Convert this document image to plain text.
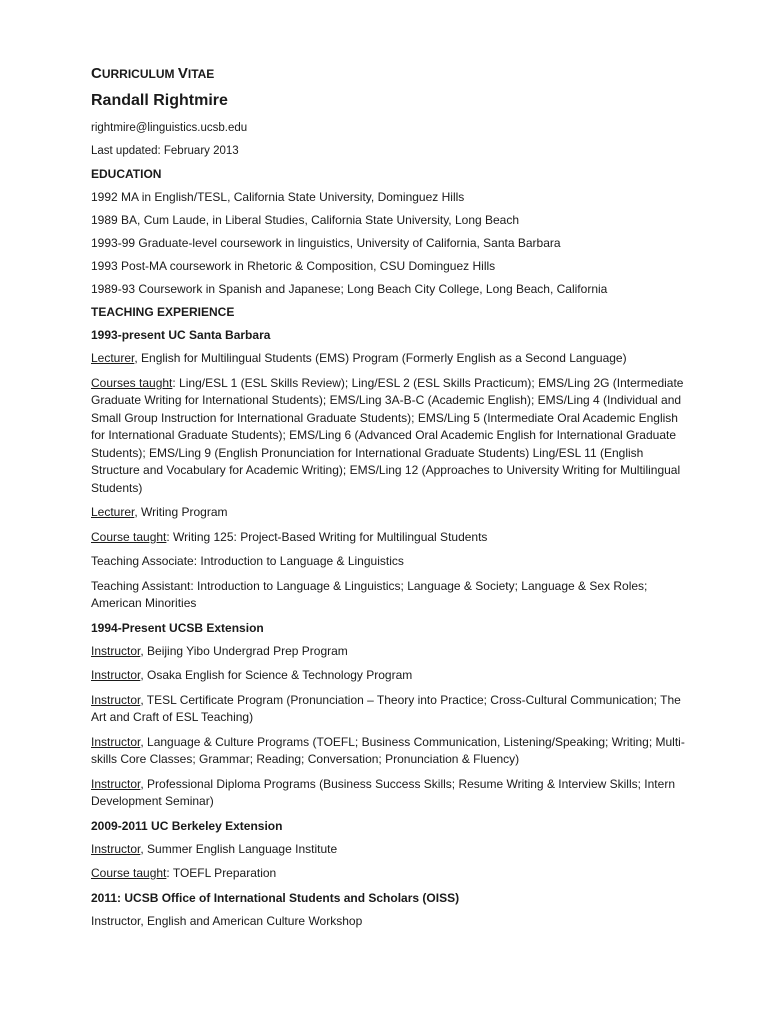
CURRICULUM VITAE
Randall Rightmire
rightmire@linguistics.ucsb.edu
Last updated: February 2013
EDUCATION
1992 MA in English/TESL, California State University, Dominguez Hills
1989 BA, Cum Laude, in Liberal Studies, California State University, Long Beach
1993-99 Graduate-level coursework in linguistics, University of California, Santa Barbara
1993 Post-MA coursework in Rhetoric & Composition, CSU Dominguez Hills
1989-93 Coursework in Spanish and Japanese; Long Beach City College, Long Beach, California
TEACHING EXPERIENCE
1993-present UC Santa Barbara
Lecturer, English for Multilingual Students (EMS) Program (Formerly English as a Second Language)
Courses taught: Ling/ESL 1 (ESL Skills Review); Ling/ESL 2 (ESL Skills Practicum); EMS/Ling 2G (Intermediate Graduate Writing for International Students); EMS/Ling 3A-B-C (Academic English); EMS/Ling 4 (Individual and Small Group Instruction for International Graduate Students); EMS/Ling 5 (Intermediate Oral Academic English for International Graduate Students); EMS/Ling 6 (Advanced Oral Academic English for International Graduate Students); EMS/Ling 9 (English Pronunciation for International Graduate Students) Ling/ESL 11 (English Structure and Vocabulary for Academic Writing); EMS/Ling 12 (Approaches to University Writing for Multilingual Students)
Lecturer, Writing Program
Course taught: Writing 125: Project-Based Writing for Multilingual Students
Teaching Associate: Introduction to Language & Linguistics
Teaching Assistant: Introduction to Language & Linguistics; Language & Society; Language & Sex Roles; American Minorities
1994-Present UCSB Extension
Instructor, Beijing Yibo Undergrad Prep Program
Instructor, Osaka English for Science & Technology Program
Instructor, TESL Certificate Program (Pronunciation – Theory into Practice; Cross-Cultural Communication; The Art and Craft of ESL Teaching)
Instructor, Language & Culture Programs (TOEFL; Business Communication, Listening/Speaking; Writing; Multi-skills Core Classes; Grammar; Reading; Conversation; Pronunciation & Fluency)
Instructor, Professional Diploma Programs (Business Success Skills; Resume Writing & Interview Skills; Intern Development Seminar)
2009-2011 UC Berkeley Extension
Instructor, Summer English Language Institute
Course taught: TOEFL Preparation
2011: UCSB Office of International Students and Scholars (OISS)
Instructor, English and American Culture Workshop
